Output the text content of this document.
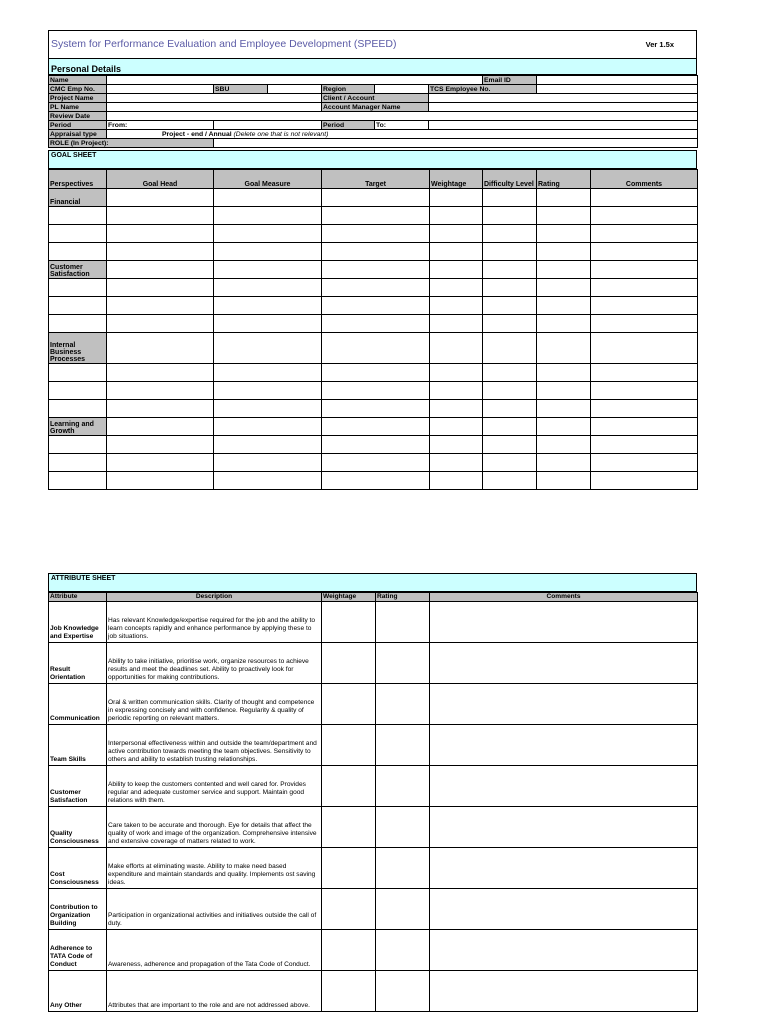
System for Performance Evaluation and Employee Development (SPEED)	Ver 1.5x
Personal Details
Name							Email ID	
CMC Emp No.		SBU		Region		TCS Employee No.		
Project Name				Client / Account				
PL Name				Account Manager Name				
Review Date								
Period	From:			Period	To:			
Appraisal type	Project - end / Annual (Delete one that is not relevant)							
ROLE (In Project):								
GOAL SHEET
Perspectives	Goal Head	Goal Measure	Target	Weightage	Difficulty Level	Rating	Comments
Financial							

Customer Satisfaction							

Internal Business Processes							

Learning and Growth							

ATTRIBUTE SHEET
Attribute	Description	Weightage	Rating	Comments
Job Knowledge and Expertise	Has relevant Knowledge/expertise required for the job and the ability to learn concepts rapidly and enhance performance by applying these to job situations.			
Result Orientation	Ability to take initiative, prioritise work, organize resources to achieve results and meet the deadlines set. Ability to proactively look for opportunities for making contributions.			
Communication	Oral & written communication skills. Clarity of thought and competence in expressing concisely and with confidence. Regularity & quality of periodic reporting on relevant matters.			
Team Skills	Interpersonal effectiveness within and outside the team/department and active contribution towards meeting the team objectives. Sensitivity to others and ability to establish trusting relationships.			
Customer Satisfaction	Ability to keep the customers contented and well cared for. Provides regular and adequate customer service and support. Maintain good relations with them.			
Quality Consciousness	Care taken to be accurate and thorough. Eye for details that affect the quality of work and image of the organization. Comprehensive intensive and extensive coverage of matters related to work.			
Cost Consciousness	Make efforts at eliminating waste. Ability to make need based expenditure and maintain standards and quality. Implements ost saving ideas.			
Contribution to Organization Building	Participation in organizational activities and initiatives outside the call of duty.			
Adherence to TATA Code of Conduct	Awareness, adherence and propagation of the Tata Code of Conduct.			
Any Other	Attributes that are important to the role and are not addressed above.			
